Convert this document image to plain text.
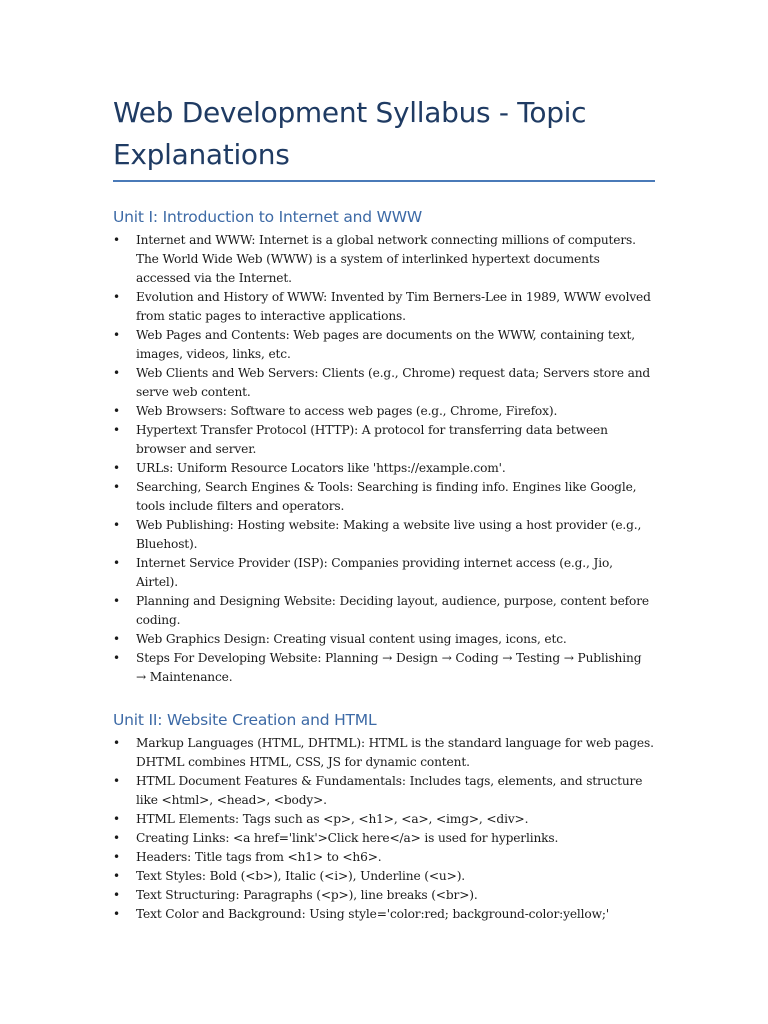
Web Development Syllabus - Topic Explanations
Unit I: Introduction to Internet and WWW
• Internet and WWW: Internet is a global network connecting millions of computers. The World Wide Web (WWW) is a system of interlinked hypertext documents accessed via the Internet.
• Evolution and History of WWW: Invented by Tim Berners-Lee in 1989, WWW evolved from static pages to interactive applications.
• Web Pages and Contents: Web pages are documents on the WWW, containing text, images, videos, links, etc.
• Web Clients and Web Servers: Clients (e.g., Chrome) request data; Servers store and serve web content.
• Web Browsers: Software to access web pages (e.g., Chrome, Firefox).
• Hypertext Transfer Protocol (HTTP): A protocol for transferring data between browser and server.
• URLs: Uniform Resource Locators like 'https://example.com'.
• Searching, Search Engines & Tools: Searching is finding info. Engines like Google, tools include filters and operators.
• Web Publishing: Hosting website: Making a website live using a host provider (e.g., Bluehost).
• Internet Service Provider (ISP): Companies providing internet access (e.g., Jio, Airtel).
• Planning and Designing Website: Deciding layout, audience, purpose, content before coding.
• Web Graphics Design: Creating visual content using images, icons, etc.
• Steps For Developing Website: Planning → Design → Coding → Testing → Publishing → Maintenance.
Unit II: Website Creation and HTML
• Markup Languages (HTML, DHTML): HTML is the standard language for web pages. DHTML combines HTML, CSS, JS for dynamic content.
• HTML Document Features & Fundamentals: Includes tags, elements, and structure like <html>, <head>, <body>.
• HTML Elements: Tags such as <p>, <h1>, <a>, <img>, <div>.
• Creating Links: <a href='link'>Click here</a> is used for hyperlinks.
• Headers: Title tags from <h1> to <h6>.
• Text Styles: Bold (<b>), Italic (<i>), Underline (<u>).
• Text Structuring: Paragraphs (<p>), line breaks (<br>).
• Text Color and Background: Using style='color:red; background-color:yellow;'
